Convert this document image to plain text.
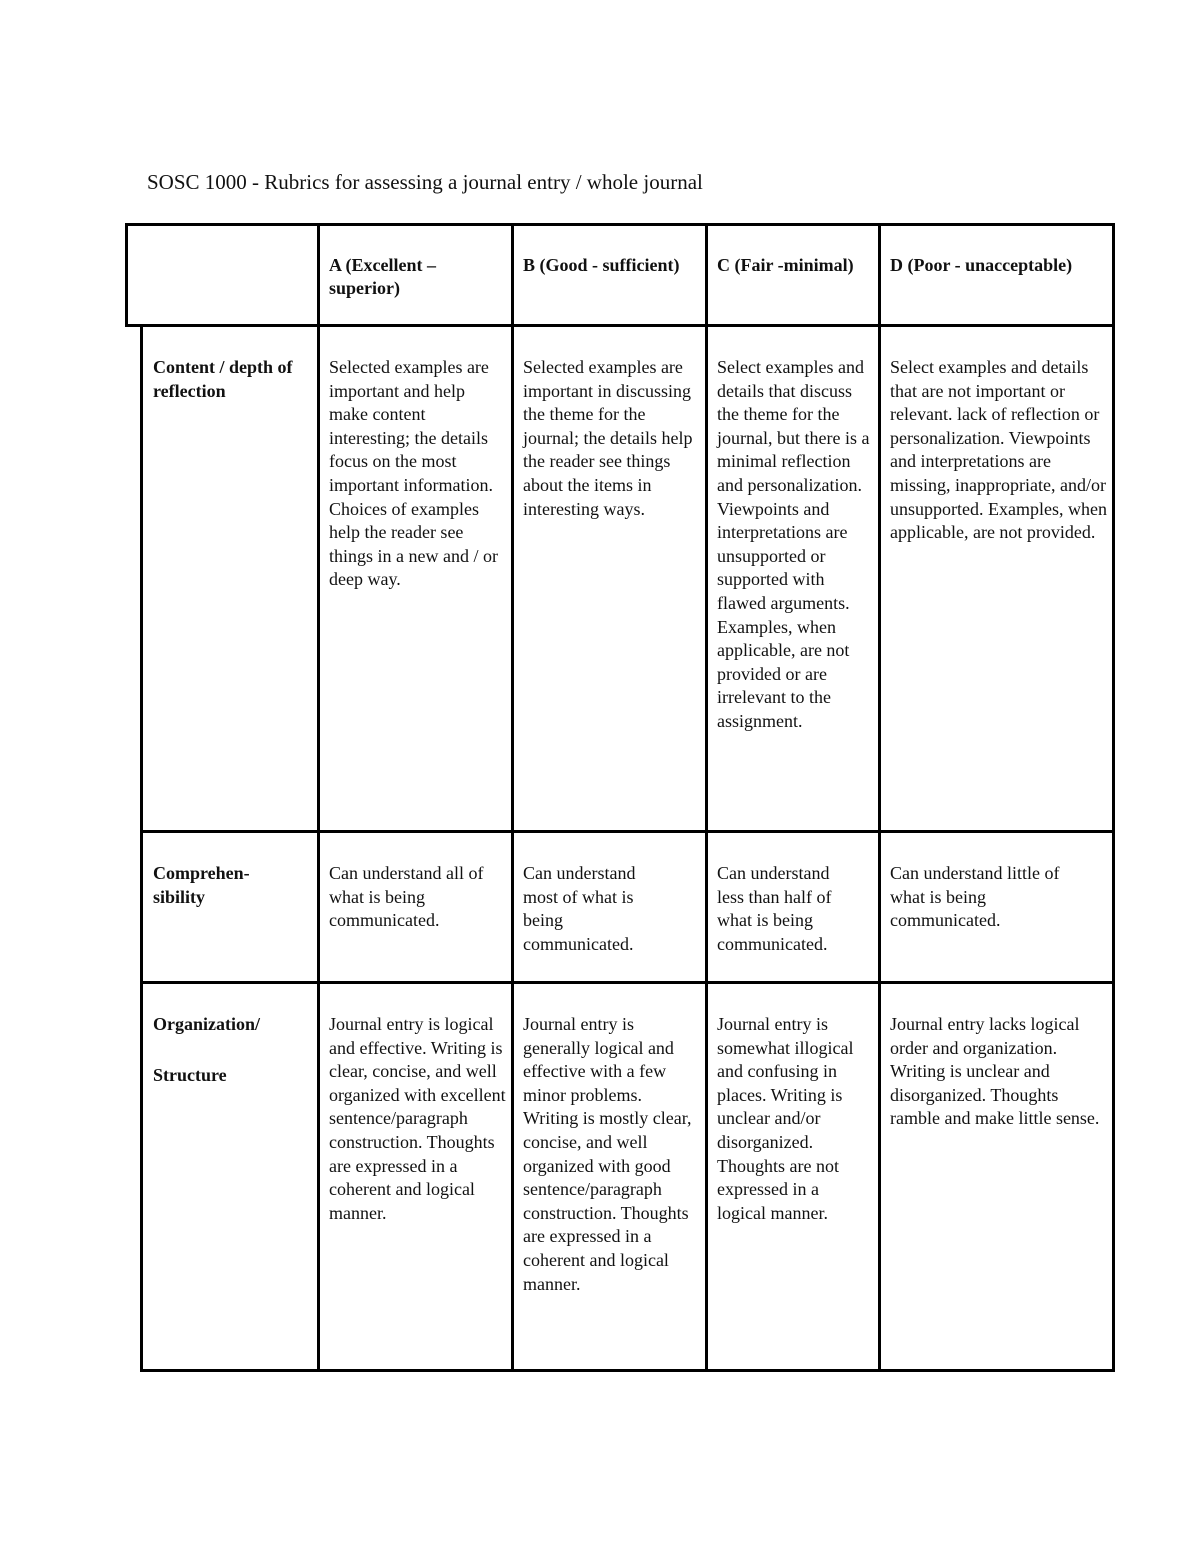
SOSC 1000 - Rubrics for assessing a journal entry / whole journal
A (Excellent – superior)
B (Good - sufficient)	C (Fair -minimal)	D (Poor - unacceptable)
Content / depth of reflection
Selected examples are important and help make content interesting; the details focus on the most important information. Choices of examples help the reader see things in a new and / or deep way.
Selected examples are important in discussing the theme for the journal; the details help the reader see things about the items in interesting ways.
Select examples and details that discuss the theme for the journal, but there is a minimal reflection and personalization. Viewpoints and interpretations are unsupported or supported with flawed arguments. Examples, when applicable, are not provided or are irrelevant to the assignment.
Select examples and details that are not important or relevant. lack of reflection or personalization. Viewpoints and interpretations are missing, inappropriate, and/or unsupported. Examples, when applicable, are not provided.
Comprehen-sibility
Can understand all of what is being communicated.
Can understand most of what is being communicated.
Can understand less than half of what is being communicated.
Can understand little of what is being communicated.

Organization/

Structure

Journal entry is logical and effective. Writing is clear, concise, and well organized with excellent sentence/paragraph construction. Thoughts are expressed in a coherent and logical manner.
Journal entry is generally logical and effective with a few minor problems. Writing is mostly clear, concise, and well organized with good sentence/paragraph construction. Thoughts are expressed in a coherent and logical manner.
Journal entry is somewhat illogical and confusing in places. Writing is unclear and/or disorganized. Thoughts are not expressed in a logical manner.
Journal entry lacks logical order and organization. Writing is unclear and disorganized. Thoughts ramble and make little sense.
